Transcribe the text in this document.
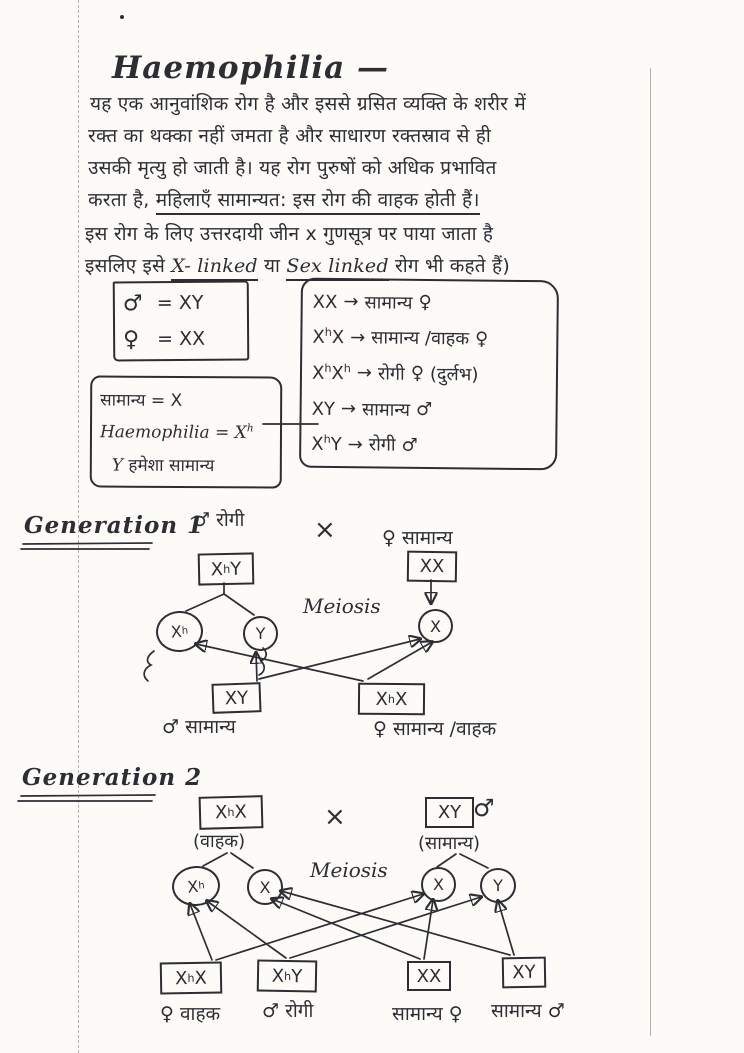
Haemophilia —
यह एक आनुवांशिक रोग है और इससे ग्रसित व्यक्ति के शरीर में
रक्त का थक्का नहीं जमता है और साधारण रक्तस्राव से ही
उसकी मृत्यु हो जाती है। यह रोग पुरुषों को अधिक प्रभावित
करता है, महिलाएँ सामान्यत: इस रोग की वाहक होती हैं।
इस रोग के लिए उत्तरदायी जीन x गुणसूत्र पर पाया जाता है
इसलिए इसे X- linked या Sex linked रोग भी कहते हैं)
♂ = XY
♀ = XX
सामान्य = X
Haemophilia = $X^h$
Y हमेशा सामान्य
XX → सामान्य ♀
$X^hX$ → सामान्य /वाहक ♀
$X^hX^h$ → रोगी ♀ (दुर्लभ)
XY → सामान्य ♂
$X^hY$ → रोगी ♂
Generation 1
♂ रोगी	× ♀ सामान्य
X h Y	XX
Meiosis
X
h	Y	X
XY	X h X
♂ सामान्य	♀ सामान्य /वाहक
Generation 2
X h X
(वाहक)
×	XY ♂
(सामान्य)
Meiosis
X
h	X	X	Y
X h X	X h Y	XX	XY
♀ वाहक ♂ रोगी	सामान्य ♀ सामान्य ♂
